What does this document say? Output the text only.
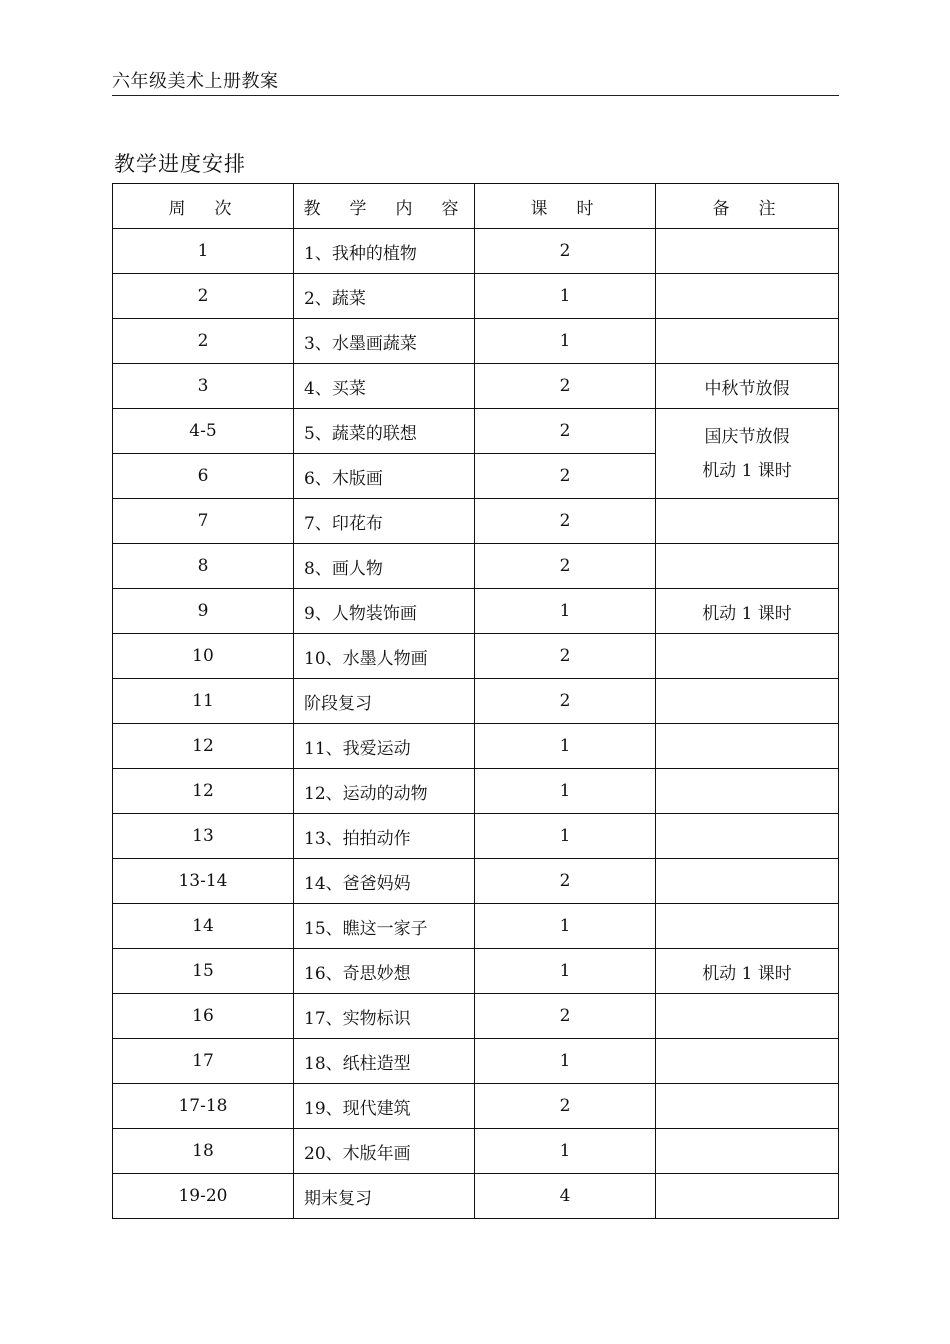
六年级美术上册教案
教学进度安排
周　次	教　学　内　容	课　时	备　注
1	1、我种的植物	2	
2	2、蔬菜	1	
2	3、水墨画蔬菜	1	
3	4、买菜	2	中秋节放假
4-5	5、蔬菜的联想	2	国庆节放假
机动 1 课时

6	6、木版画	2	
7	7、印花布	2	
8	8、画人物	2	
9	9、人物装饰画	1	机动 1 课时
10	10、水墨人物画	2	
11	阶段复习	2	
12	11、我爱运动	1	
12	12、运动的动物	1	
13	13、拍拍动作	1	
13-14	14、爸爸妈妈	2	
14	15、瞧这一家子	1	
15	16、奇思妙想	1	机动 1 课时
16	17、实物标识	2	
17	18、纸柱造型	1	
17-18	19、现代建筑	2	
18	20、木版年画	1	
19-20	期末复习	4	
